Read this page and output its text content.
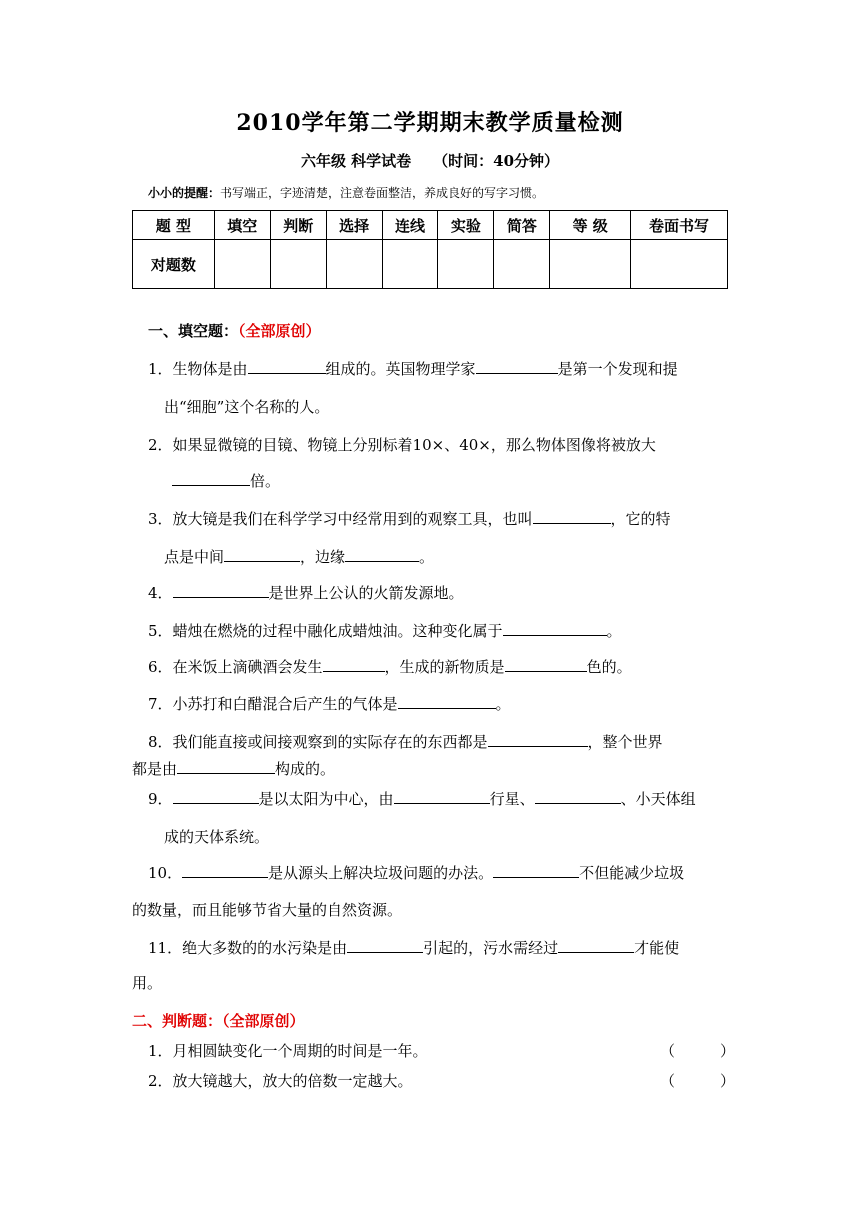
2010学年第二学期期末教学质量检测
六年级 科学试卷 （时间：40分钟）
小小的提醒：书写端正，字迹清楚，注意卷面整洁，养成良好的写字习惯。
题 型	填空	判断	选择	连线	实验	简答	等 级	卷面书写
对题数								
一、填空题：（全部原创）
1．生物体是由	组成的。英国物理学家	是第一个发现和提
出“细胞”这个名称的人。
2．如果显微镜的目镜、物镜上分别标着10×、40×，那么物体图像将被放大
倍。
3．放大镜是我们在科学学习中经常用到的观察工具，也叫	，它的特
点是中间	，边缘	。
4．	是世界上公认的火箭发源地。
5．蜡烛在燃烧的过程中融化成蜡烛油。这种变化属于	。
6．在米饭上滴碘酒会发生	，生成的新物质是	色的。
7．小苏打和白醋混合后产生的气体是	。
8．我们能直接或间接观察到的实际存在的东西都是	，整个世界
都是由	构成的。
9．	是以太阳为中心，由	行星、	、小天体组
成的天体系统。
10．	是从源头上解决垃圾问题的办法。	不但能减少垃圾
的数量，而且能够节省大量的自然资源。
11．绝大多数的的水污染是由	引起的，污水需经过	才能使
用。
二、判断题：（全部原创）
1．月相圆缺变化一个周期的时间是一年。	（　　　）
2．放大镜越大，放大的倍数一定越大。	（　　　）
